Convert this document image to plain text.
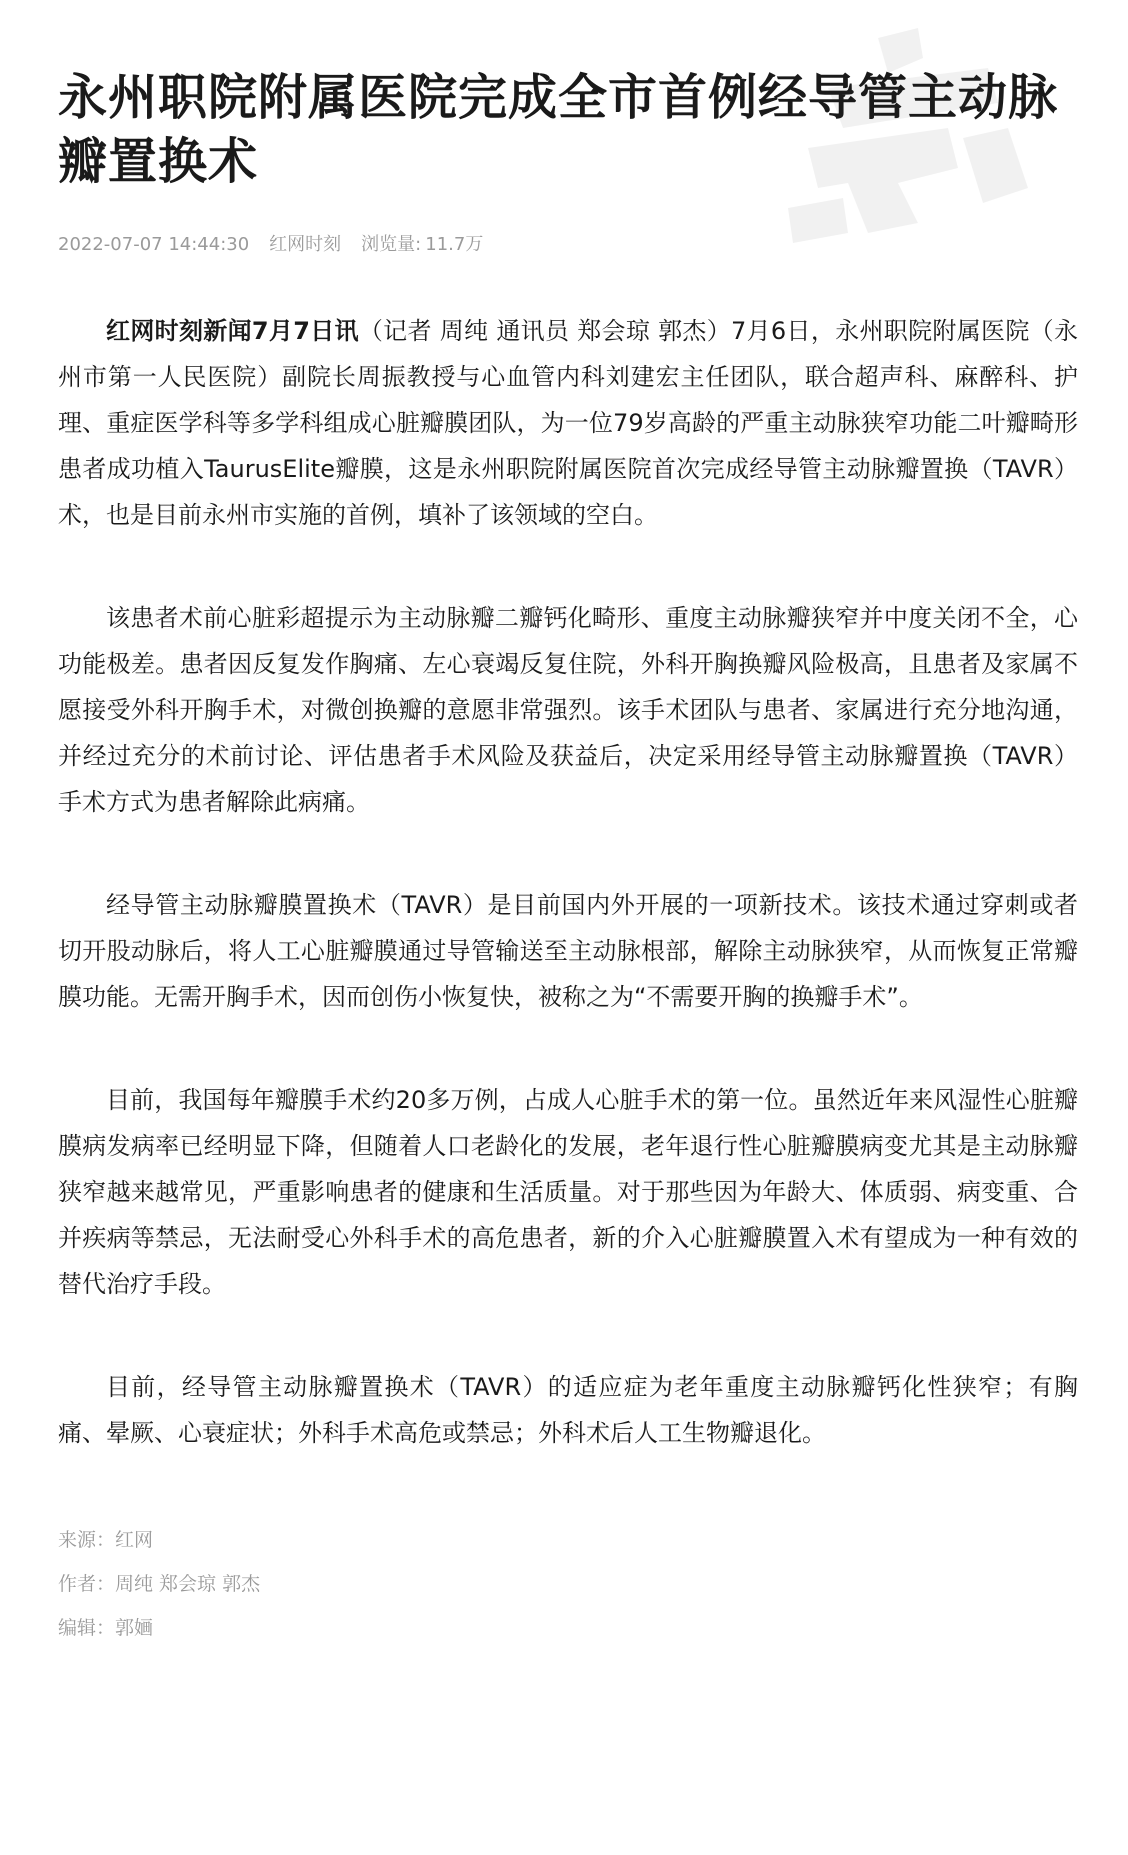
永州职院附属医院完成全市首例经导管主动脉瓣置换术
2022-07-07 14:44:30 红网时刻 浏览量: 11.7万

红网时刻新闻7月7日讯（记者 周纯 通讯员 郑会琼 郭杰）7月6日，永州职院附属医院（永州市第一人民医院）副院长周振教授与心血管内科刘建宏主任团队，联合超声科、麻醉科、护理、重症医学科等多学科组成心脏瓣膜团队，为一位79岁高龄的严重主动脉狭窄功能二叶瓣畸形患者成功植入TaurusElite瓣膜，这是永州职院附属医院首次完成经导管主动脉瓣置换（TAVR）术，也是目前永州市实施的首例，填补了该领域的空白。

该患者术前心脏彩超提示为主动脉瓣二瓣钙化畸形、重度主动脉瓣狭窄并中度关闭不全，心功能极差。患者因反复发作胸痛、左心衰竭反复住院，外科开胸换瓣风险极高，且患者及家属不愿接受外科开胸手术，对微创换瓣的意愿非常强烈。该手术团队与患者、家属进行充分地沟通，并经过充分的术前讨论、评估患者手术风险及获益后，决定采用经导管主动脉瓣置换（TAVR）手术方式为患者解除此病痛。

经导管主动脉瓣膜置换术（TAVR）是目前国内外开展的一项新技术。该技术通过穿刺或者切开股动脉后，将人工心脏瓣膜通过导管输送至主动脉根部，解除主动脉狭窄，从而恢复正常瓣膜功能。无需开胸手术，因而创伤小恢复快，被称之为“不需要开胸的换瓣手术”。

目前，我国每年瓣膜手术约20多万例，占成人心脏手术的第一位。虽然近年来风湿性心脏瓣膜病发病率已经明显下降，但随着人口老龄化的发展，老年退行性心脏瓣膜病变尤其是主动脉瓣狭窄越来越常见，严重影响患者的健康和生活质量。对于那些因为年龄大、体质弱、病变重、合并疾病等禁忌，无法耐受心外科手术的高危患者，新的介入心脏瓣膜置入术有望成为一种有效的替代治疗手段。

目前，经导管主动脉瓣置换术（TAVR）的适应症为老年重度主动脉瓣钙化性狭窄；有胸痛、晕厥、心衰症状；外科手术高危或禁忌；外科术后人工生物瓣退化。

来源：红网
作者：周纯 郑会琼 郭杰
编辑：郭婳
